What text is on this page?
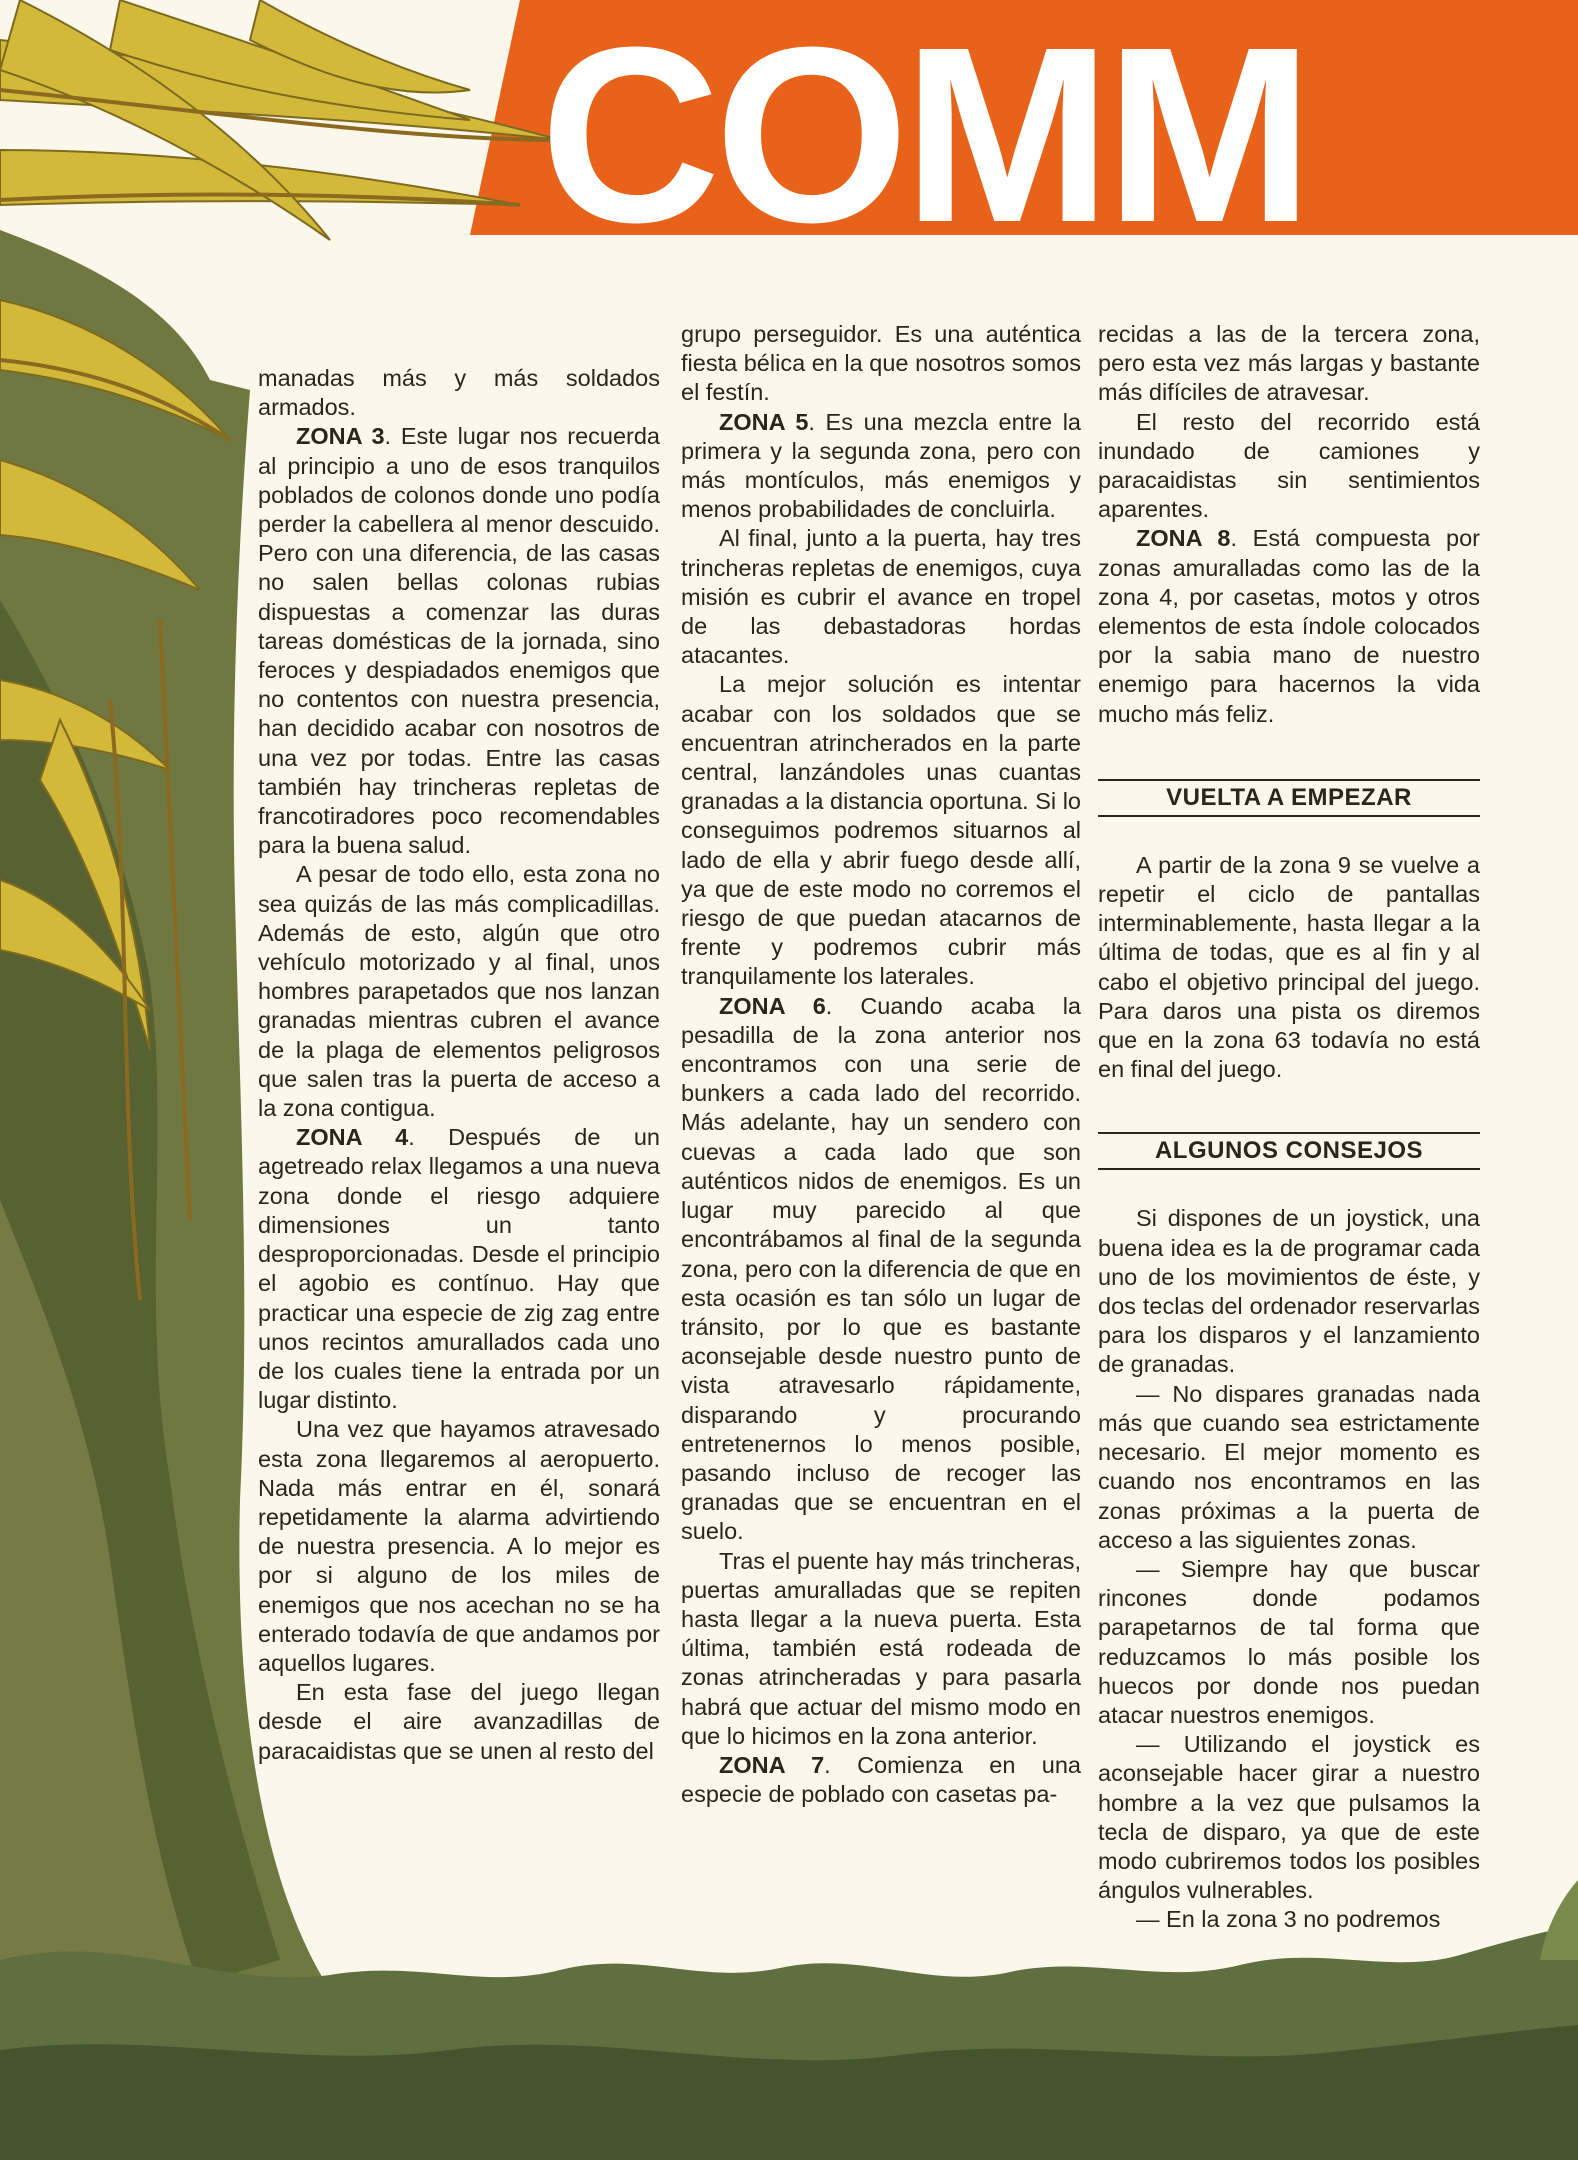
COMM

manadas más y más soldados armados.

ZONA 3. Este lugar nos recuerda al principio a uno de esos tranquilos poblados de colonos donde uno podía perder la cabellera al menor descuido. Pero con una diferencia, de las casas no salen bellas colonas rubias dispuestas a comenzar las duras tareas domésticas de la jornada, sino feroces y despiadados enemigos que no contentos con nuestra presencia, han decidido acabar con nosotros de una vez por todas. Entre las casas también hay trincheras repletas de francotiradores poco recomendables para la buena salud.

A pesar de todo ello, esta zona no sea quizás de las más complicadillas. Además de esto, algún que otro vehículo motorizado y al final, unos hombres parapetados que nos lanzan granadas mientras cubren el avance de la plaga de elementos peligrosos que salen tras la puerta de acceso a la zona contigua.

ZONA 4. Después de un agetreado relax llegamos a una nueva zona donde el riesgo adquiere dimensiones un tanto desproporcionadas. Desde el principio el agobio es contínuo. Hay que practicar una especie de zig zag entre unos recintos amurallados cada uno de los cuales tiene la entrada por un lugar distinto.

Una vez que hayamos atravesado esta zona llegaremos al aeropuerto. Nada más entrar en él, sonará repetidamente la alarma advirtiendo de nuestra presencia. A lo mejor es por si alguno de los miles de enemigos que nos acechan no se ha enterado todavía de que andamos por aquellos lugares.

En esta fase del juego llegan desde el aire avanzadillas de paracaidistas que se unen al resto del

grupo perseguidor. Es una auténtica fiesta bélica en la que nosotros somos el festín.

ZONA 5. Es una mezcla entre la primera y la segunda zona, pero con más montículos, más enemigos y menos probabilidades de concluirla.

Al final, junto a la puerta, hay tres trincheras repletas de enemigos, cuya misión es cubrir el avance en tropel de las debastadoras hordas atacantes.

La mejor solución es intentar acabar con los soldados que se encuentran atrincherados en la parte central, lanzándoles unas cuantas granadas a la distancia oportuna. Si lo conseguimos podremos situarnos al lado de ella y abrir fuego desde allí, ya que de este modo no corremos el riesgo de que puedan atacarnos de frente y podremos cubrir más tranquilamente los laterales.

ZONA 6. Cuando acaba la pesadilla de la zona anterior nos encontramos con una serie de bunkers a cada lado del recorrido. Más adelante, hay un sendero con cuevas a cada lado que son auténticos nidos de enemigos. Es un lugar muy parecido al que encontrábamos al final de la segunda zona, pero con la diferencia de que en esta ocasión es tan sólo un lugar de tránsito, por lo que es bastante aconsejable desde nuestro punto de vista atravesarlo rápidamente, disparando y procurando entretenernos lo menos posible, pasando incluso de recoger las granadas que se encuentran en el suelo.

Tras el puente hay más trincheras, puertas amuralladas que se repiten hasta llegar a la nueva puerta. Esta última, también está rodeada de zonas atrincheradas y para pasarla habrá que actuar del mismo modo en que lo hicimos en la zona anterior.

ZONA 7. Comienza en una especie de poblado con casetas pa-

recidas a las de la tercera zona, pero esta vez más largas y bastante más difíciles de atravesar.

El resto del recorrido está inundado de camiones y paracaidistas sin sentimientos aparentes.

ZONA 8. Está compuesta por zonas amuralladas como las de la zona 4, por casetas, motos y otros elementos de esta índole colocados por la sabia mano de nuestro enemigo para hacernos la vida mucho más feliz.

VUELTA A EMPEZAR

A partir de la zona 9 se vuelve a repetir el ciclo de pantallas interminablemente, hasta llegar a la última de todas, que es al fin y al cabo el objetivo principal del juego. Para daros una pista os diremos que en la zona 63 todavía no está en final del juego.

ALGUNOS CONSEJOS

Si dispones de un joystick, una buena idea es la de programar cada uno de los movimientos de éste, y dos teclas del ordenador reservarlas para los disparos y el lanzamiento de granadas.

— No dispares granadas nada más que cuando sea estrictamente necesario. El mejor momento es cuando nos encontramos en las zonas próximas a la puerta de acceso a las siguientes zonas.

— Siempre hay que buscar rincones donde podamos parapetarnos de tal forma que reduzcamos lo más posible los huecos por donde nos puedan atacar nuestros enemigos.

— Utilizando el joystick es aconsejable hacer girar a nuestro hombre a la vez que pulsamos la tecla de disparo, ya que de este modo cubriremos todos los posibles ángulos vulnerables.

— En la zona 3 no podremos
